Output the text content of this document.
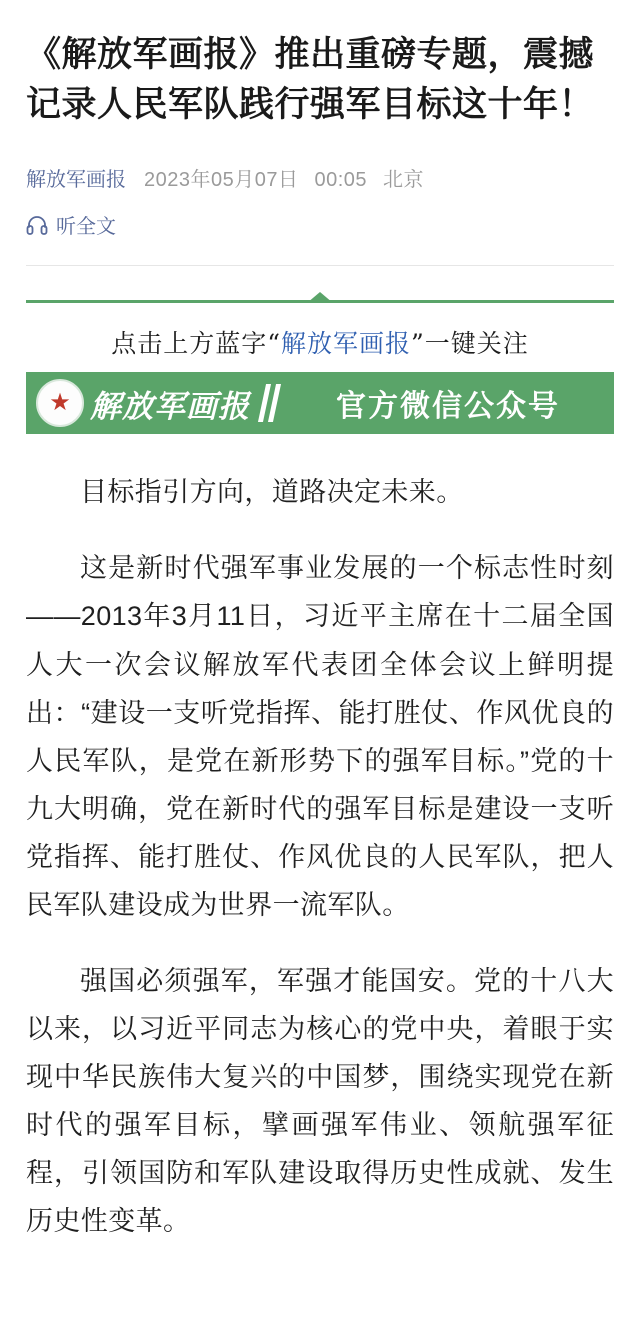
《解放军画报》推出重磅专题，震撼记录人民军队践行强军目标这十年！
解放军画报 2023年05月07日 00:05 北京
听全文
点击上方蓝字“解放军画报”一键关注
★ 解放军画报	官方微信公众号

目标指引方向，道路决定未来。

这是新时代强军事业发展的一个标志性时刻——2013年3月11日，习近平主席在十二届全国人大一次会议解放军代表团全体会议上鲜明提出：“建设一支听党指挥、能打胜仗、作风优良的人民军队，是党在新形势下的强军目标。”党的十九大明确，党在新时代的强军目标是建设一支听党指挥、能打胜仗、作风优良的人民军队，把人民军队建设成为世界一流军队。

强国必须强军，军强才能国安。党的十八大以来，以习近平同志为核心的党中央，着眼于实现中华民族伟大复兴的中国梦，围绕实现党在新时代的强军目标，擘画强军伟业、领航强军征程，引领国防和军队建设取得历史性成就、发生历史性变革。
